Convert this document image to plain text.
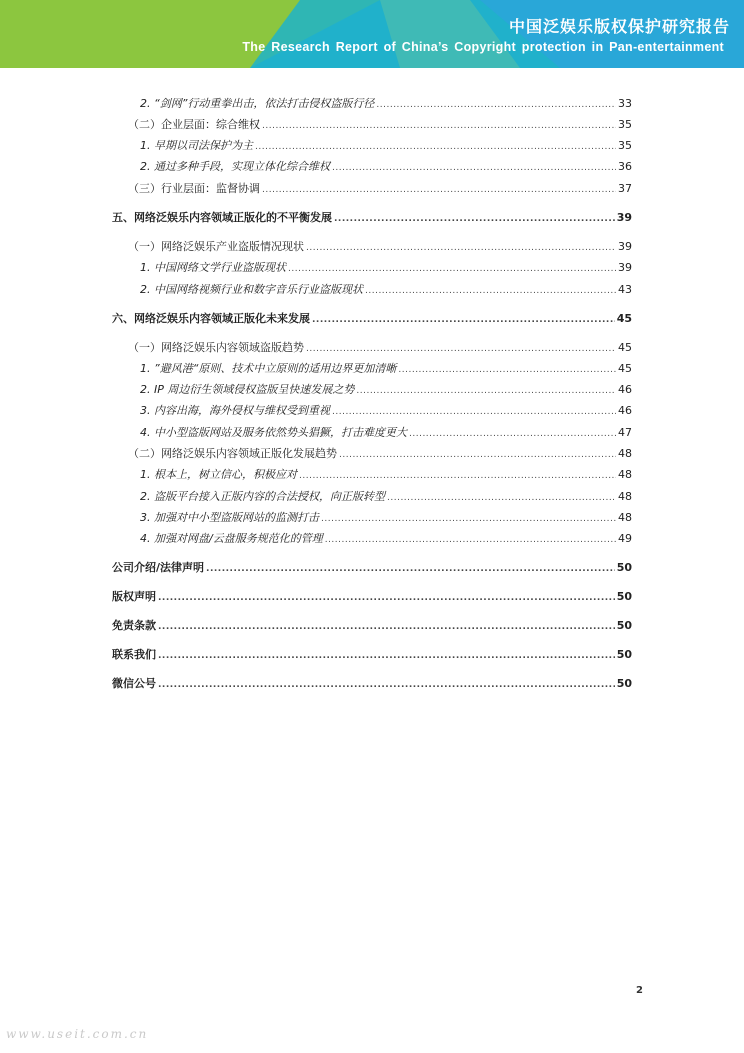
中国泛娱乐版权保护研究报告
The Research Report of China’s Copyright protection in Pan-entertainment
2. “剑网”行动重拳出击，依法打击侵权盗版行径 .....	33
（二）企业层面：综合维权 .....	35
1. 早期以司法保护为主 .....	35
2. 通过多种手段，实现立体化综合维权 .....	36
（三）行业层面：监督协调 .....	37
五、网络泛娱乐内容领域正版化的不平衡发展 .....	39
（一）网络泛娱乐产业盗版情况现状 .....	39
1. 中国网络文学行业盗版现状 .....	39
2. 中国网络视频行业和数字音乐行业盗版现状 .....	43
六、网络泛娱乐内容领域正版化未来发展 .....	45
（一）网络泛娱乐内容领域盗版趋势 .....	45
1. ”避风港“原则、技术中立原则的适用边界更加清晰 .....	45
2. IP 周边衍生领域侵权盗版呈快速发展之势 .....	46
3. 内容出海，海外侵权与维权受到重视 .....	46
4. 中小型盗版网站及服务依然势头猖獗，打击难度更大 .....	47
（二）网络泛娱乐内容领域正版化发展趋势 .....	48
1. 根本上，树立信心，积极应对 .....	48
2. 盗版平台接入正版内容的合法授权，向正版转型 .....	48
3. 加强对中小型盗版网站的监测打击 .....	48
4. 加强对网盘/云盘服务规范化的管理 .....	49
公司介绍/法律声明 .....	50
版权声明 .....	50
免责条款 .....	50
联系我们 .....	50
微信公号 .....	50
2
www.useit.com.cn
